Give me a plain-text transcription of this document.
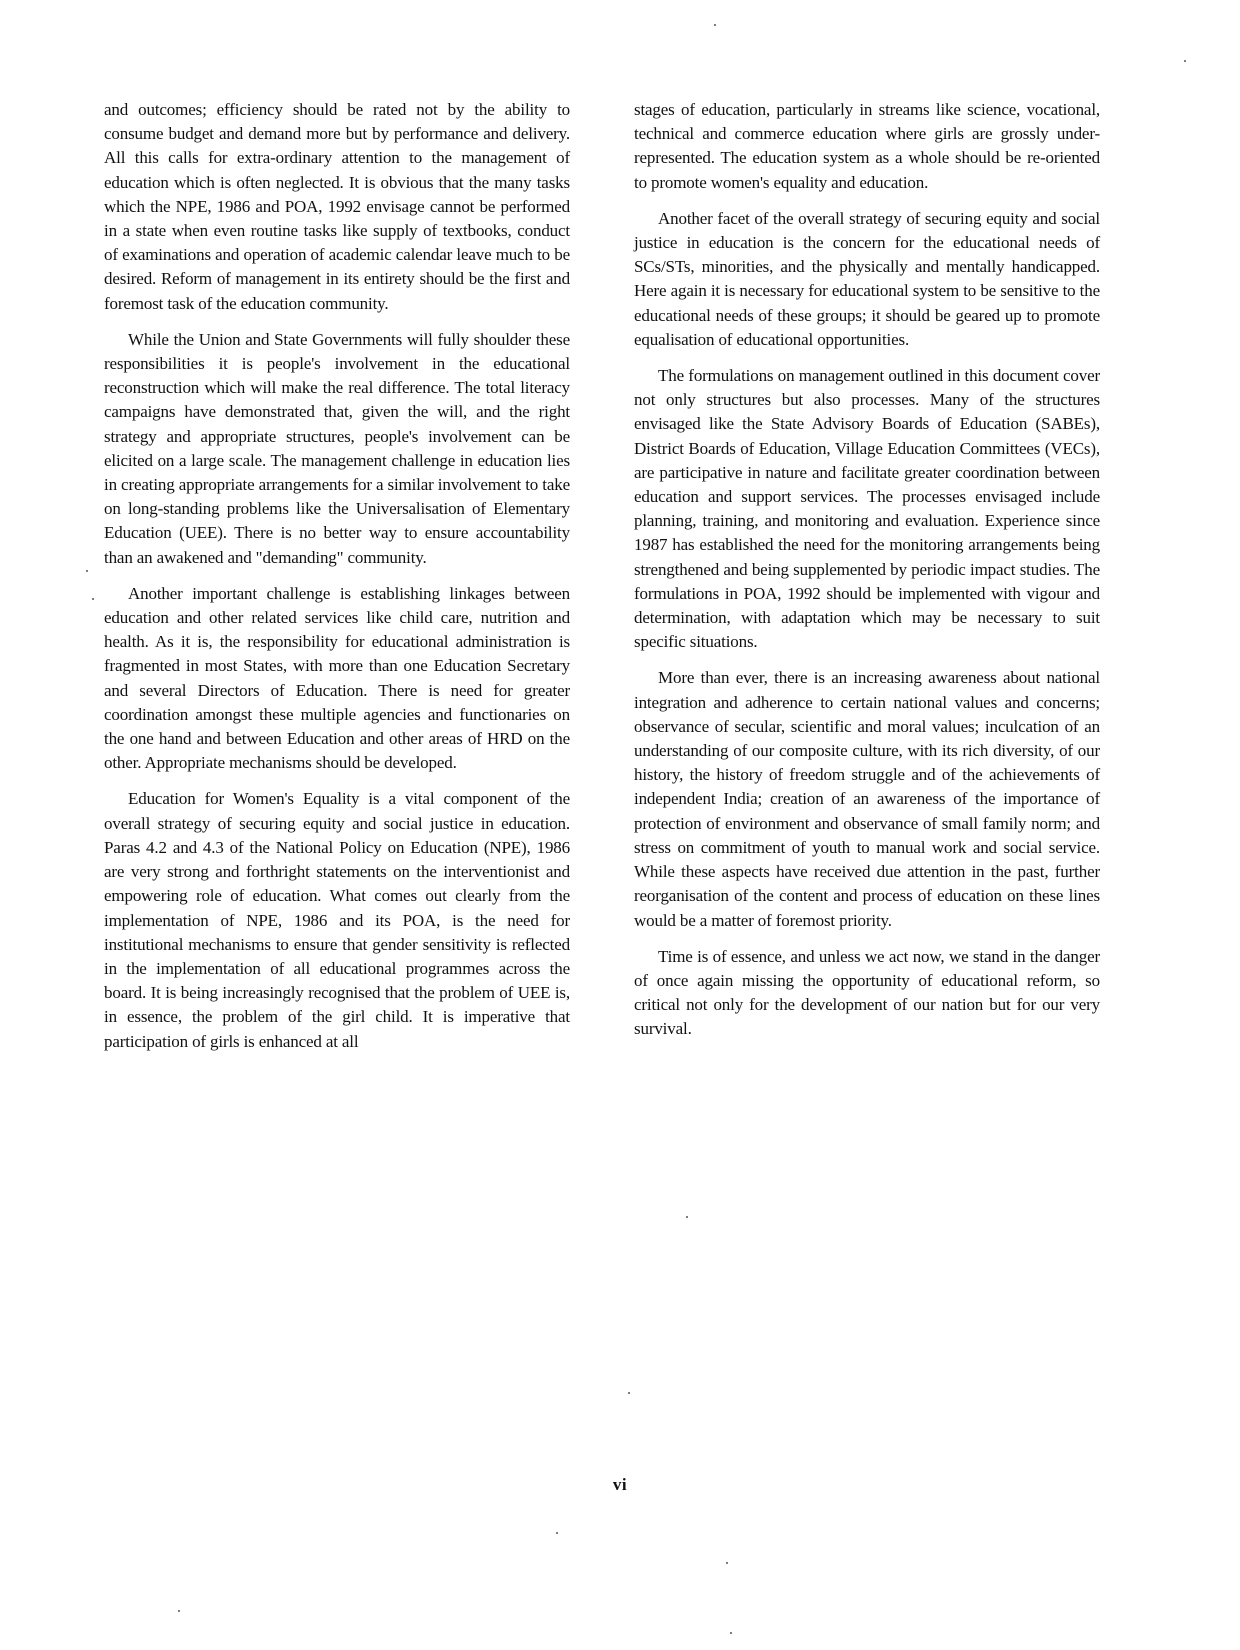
and outcomes; efficiency should be rated not by the ability to consume budget and demand more but by performance and delivery. All this calls for extra-ordinary attention to the management of education which is often neglected. It is obvious that the many tasks which the NPE, 1986 and POA, 1992 envisage cannot be performed in a state when even routine tasks like supply of textbooks, conduct of examinations and operation of academic calendar leave much to be desired. Reform of management in its entirety should be the first and foremost task of the education community.

While the Union and State Governments will fully shoulder these responsibilities it is people's involvement in the educational reconstruction which will make the real difference. The total literacy campaigns have demonstrated that, given the will, and the right strategy and appropriate structures, people's involvement can be elicited on a large scale. The management challenge in education lies in creating appropriate arrangements for a similar involvement to take on long-standing problems like the Universalisation of Elementary Education (UEE). There is no better way to ensure accountability than an awakened and "demanding" community.

Another important challenge is establishing linkages between education and other related services like child care, nutrition and health. As it is, the responsibility for educational administration is fragmented in most States, with more than one Education Secretary and several Directors of Education. There is need for greater coordination amongst these multiple agencies and functionaries on the one hand and between Education and other areas of HRD on the other. Appropriate mechanisms should be developed.

Education for Women's Equality is a vital component of the overall strategy of securing equity and social justice in education. Paras 4.2 and 4.3 of the National Policy on Education (NPE), 1986 are very strong and forthright statements on the interventionist and empowering role of education. What comes out clearly from the implementation of NPE, 1986 and its POA, is the need for institutional mechanisms to ensure that gender sensitivity is reflected in the implementation of all educational programmes across the board. It is being increasingly recognised that the problem of UEE is, in essence, the problem of the girl child. It is imperative that participation of girls is enhanced at all

stages of education, particularly in streams like science, vocational, technical and commerce education where girls are grossly under-represented. The education system as a whole should be re-oriented to promote women's equality and education.

Another facet of the overall strategy of securing equity and social justice in education is the concern for the educational needs of SCs/STs, minorities, and the physically and mentally handicapped. Here again it is necessary for educational system to be sensitive to the educational needs of these groups; it should be geared up to promote equalisation of educational opportunities.

The formulations on management outlined in this document cover not only structures but also processes. Many of the structures envisaged like the State Advisory Boards of Education (SABEs), District Boards of Education, Village Education Committees (VECs), are participative in nature and facilitate greater coordination between education and support services. The processes envisaged include planning, training, and monitoring and evaluation. Experience since 1987 has established the need for the monitoring arrangements being strengthened and being supplemented by periodic impact studies. The formulations in POA, 1992 should be implemented with vigour and determination, with adaptation which may be necessary to suit specific situations.

More than ever, there is an increasing awareness about national integration and adherence to certain national values and concerns; observance of secular, scientific and moral values; inculcation of an understanding of our composite culture, with its rich diversity, of our history, the history of freedom struggle and of the achievements of independent India; creation of an awareness of the importance of protection of environment and observance of small family norm; and stress on commitment of youth to manual work and social service. While these aspects have received due attention in the past, further reorganisation of the content and process of education on these lines would be a matter of foremost priority.

Time is of essence, and unless we act now, we stand in the danger of once again missing the opportunity of educational reform, so critical not only for the development of our nation but for our very survival.

vi
